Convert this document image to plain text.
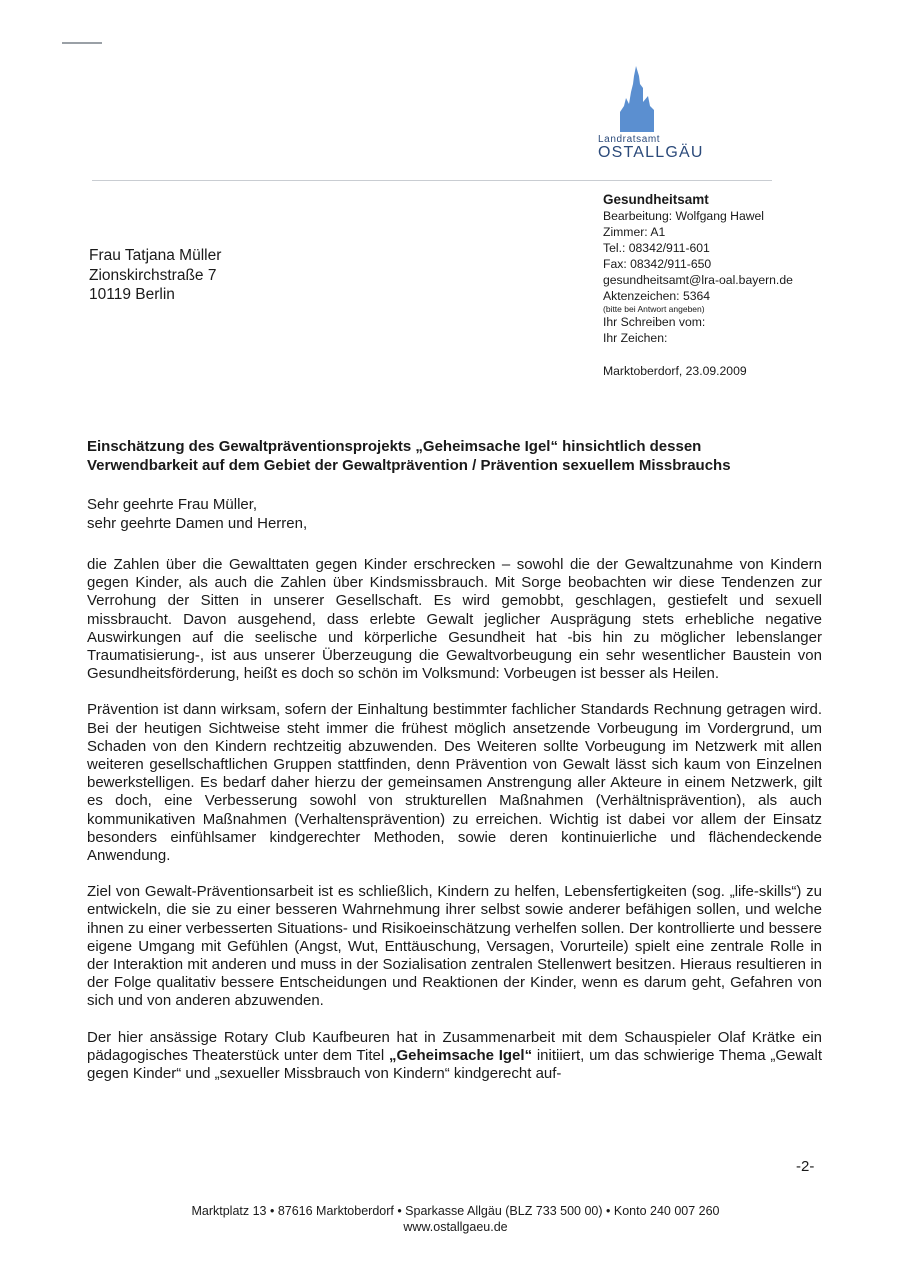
Landratsamt
OSTALLGÄU
Frau Tatjana Müller
Zionskirchstraße 7
10119 Berlin
Gesundheitsamt
Bearbeitung: Wolfgang Hawel
Zimmer: A1
Tel.: 08342/911-601
Fax: 08342/911-650
gesundheitsamt@lra-oal.bayern.de
Aktenzeichen: 5364
(bitte bei Antwort angeben)
Ihr Schreiben vom:
Ihr Zeichen:
Marktoberdorf, 23.09.2009
Einschätzung des Gewaltpräventionsprojekts „Geheimsache Igel“ hinsichtlich dessen
Verwendbarkeit auf dem Gebiet der Gewaltprävention / Prävention sexuellem Missbrauchs
Sehr geehrte Frau Müller,
sehr geehrte Damen und Herren,

die Zahlen über die Gewalttaten gegen Kinder erschrecken – sowohl die der Gewaltzunahme von Kindern gegen Kinder, als auch die Zahlen über Kindsmissbrauch. Mit Sorge beobachten wir diese Tendenzen zur Verrohung der Sitten in unserer Gesellschaft. Es wird gemobbt, geschlagen, gestiefelt und sexuell missbraucht. Davon ausgehend, dass erlebte Gewalt jeglicher Ausprägung stets erhebliche negative Auswirkungen auf die seelische und körperliche Gesundheit hat -bis hin zu möglicher lebenslanger Traumatisierung-, ist aus unserer Überzeugung die Gewaltvorbeugung ein sehr wesentlicher Baustein von Gesundheitsförderung, heißt es doch so schön im Volksmund: Vorbeugen ist besser als Heilen.

Prävention ist dann wirksam, sofern der Einhaltung bestimmter fachlicher Standards Rechnung getragen wird. Bei der heutigen Sichtweise steht immer die frühest möglich ansetzende Vorbeugung im Vordergrund, um Schaden von den Kindern rechtzeitig abzuwenden. Des Weiteren sollte Vorbeugung im Netzwerk mit allen weiteren gesellschaftlichen Gruppen stattfinden, denn Prävention von Gewalt lässt sich kaum von Einzelnen bewerkstelligen. Es bedarf daher hierzu der gemeinsamen Anstrengung aller Akteure in einem Netzwerk, gilt es doch, eine Verbesserung sowohl von strukturellen Maßnahmen (Verhältnisprävention), als auch kommunikativen Maßnahmen (Verhaltensprävention) zu erreichen. Wichtig ist dabei vor allem der Einsatz besonders einfühlsamer kindgerechter Methoden, sowie deren kontinuierliche und flächendeckende Anwendung.

Ziel von Gewalt-Präventionsarbeit ist es schließlich, Kindern zu helfen, Lebensfertigkeiten (sog. „life-skills“) zu entwickeln, die sie zu einer besseren Wahrnehmung ihrer selbst sowie anderer befähigen sollen, und welche ihnen zu einer verbesserten Situations- und Risikoeinschätzung verhelfen sollen. Der kontrollierte und bessere eigene Umgang mit Gefühlen (Angst, Wut, Enttäuschung, Versagen, Vorurteile) spielt eine zentrale Rolle in der Interaktion mit anderen und muss in der Sozialisation zentralen Stellenwert besitzen. Hieraus resultieren in der Folge qualitativ bessere Entscheidungen und Reaktionen der Kinder, wenn es darum geht, Gefahren von sich und von anderen abzuwenden.

Der hier ansässige Rotary Club Kaufbeuren hat in Zusammenarbeit mit dem Schauspieler Olaf Krätke ein pädagogisches Theaterstück unter dem Titel „Geheimsache Igel“ initiiert, um das schwierige Thema „Gewalt gegen Kinder“ und „sexueller Missbrauch von Kindern“ kindgerecht auf-

-2-
Marktplatz 13 • 87616 Marktoberdorf • Sparkasse Allgäu (BLZ 733 500 00) • Konto 240 007 260
www.ostallgaeu.de
